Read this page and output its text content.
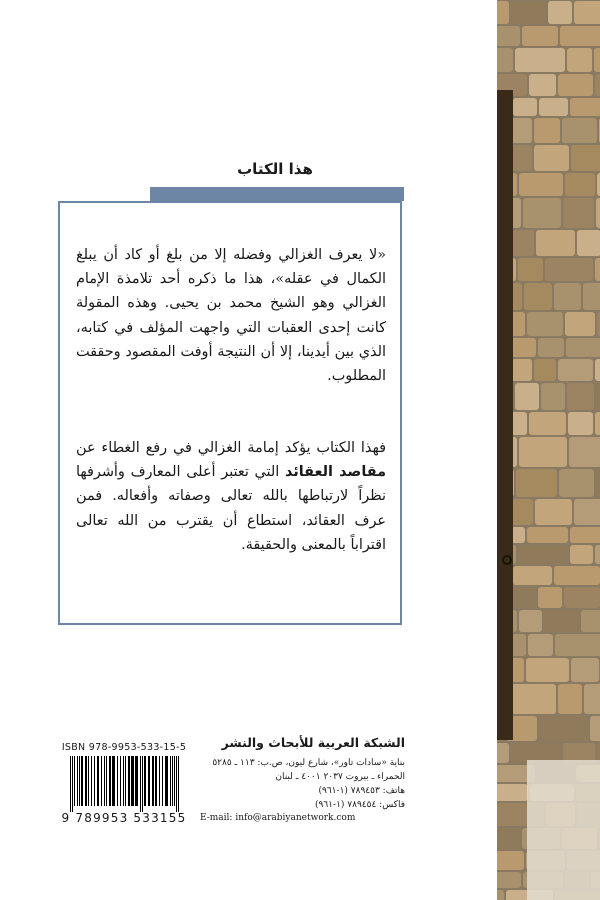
هذا الكتاب
«لا يعرف الغزالي وفضله إلا من بلغ أو كاد أن يبلغ الكمال في عقله»، هذا ما ذكره أحد تلامذة الإمام الغزالي وهو الشيخ محمد بن يحيى. وهذه المقولة كانت إحدى العقبات التي واجهت المؤلف في كتابه، الذي بين أيدينا، إلا أن النتيجة أوفت المقصود وحققت المطلوب.
فهذا الكتاب يؤكد إمامة الغزالي في رفع الغطاء عن مقاصد العقائد التي تعتبر أعلى المعارف وأشرفها نظراً لارتباطها بالله تعالى وصفاته وأفعاله. فمن عرف العقائد، استطاع أن يقترب من الله تعالى اقتراباً بالمعنى والحقيقة.
الشبكة العربية للأبحاث والنشر
بناية «سادات تاور»، شارع ليون، ص.ب: ١١٣ ـ ٥٢٨٥
الحمراء ـ بيروت ٢٠٣٧ ٤٠٠١ ـ لبنان
هاتف: ٧٨٩٤٥٣ (١-٩٦١)
فاكس: ٧٨٩٤٥٤ (١-٩٦١)
E-mail: info@arabiyanetwork.com
ISBN 978-9953-533-15-5
9 789953 533155
